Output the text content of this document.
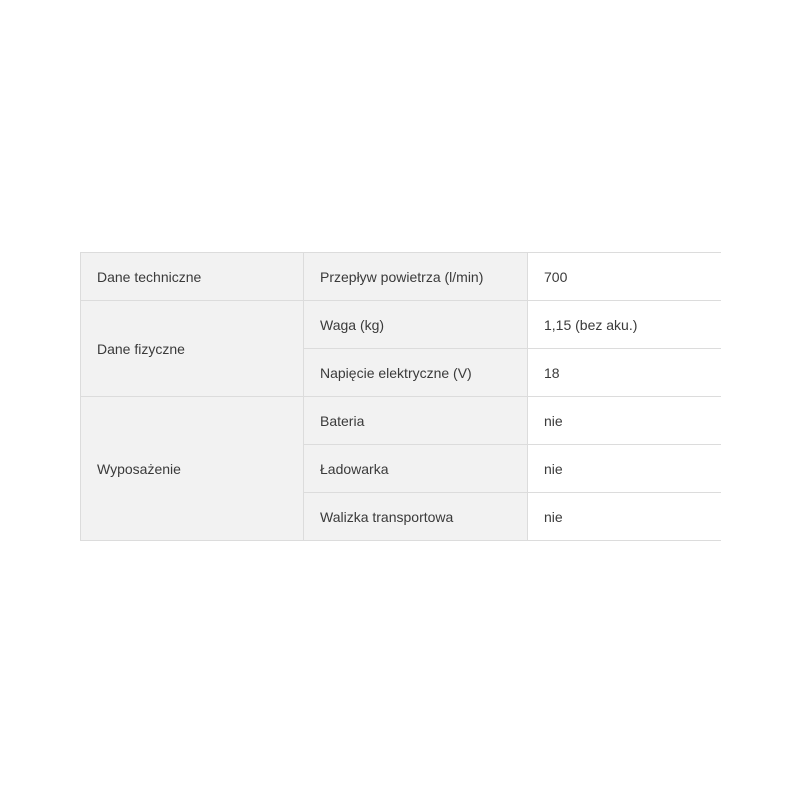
Dane techniczne	Przepływ powietrza (l/min)	700
Dane fizyczne	Waga (kg)	1,15 (bez aku.)
	Napięcie elektryczne (V)	18
Wyposażenie	Bateria	nie
	Ładowarka	nie
	Walizka transportowa	nie
